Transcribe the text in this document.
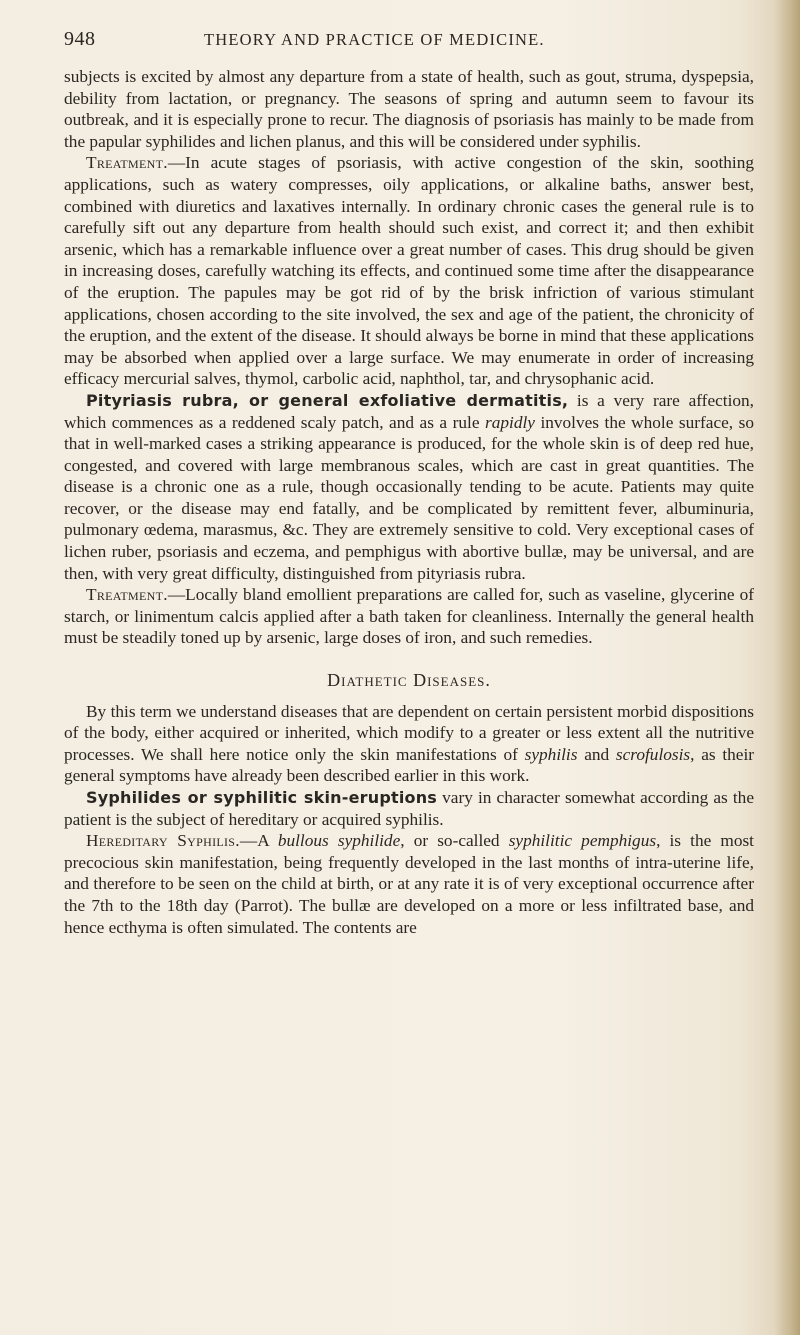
948	THEORY AND PRACTICE OF MEDICINE.

subjects is excited by almost any departure from a state of health, such as gout, struma, dyspepsia, debility from lactation, or pregnancy. The seasons of spring and autumn seem to favour its outbreak, and it is especially prone to recur. The diagnosis of psoriasis has mainly to be made from the papular syphilides and lichen planus, and this will be considered under syphilis.

Treatment.—In acute stages of psoriasis, with active congestion of the skin, soothing applications, such as watery compresses, oily applications, or alkaline baths, answer best, combined with diuretics and laxatives internally. In ordinary chronic cases the general rule is to carefully sift out any departure from health should such exist, and correct it; and then exhibit arsenic, which has a remarkable influence over a great number of cases. This drug should be given in increasing doses, carefully watching its effects, and continued some time after the disappearance of the eruption. The papules may be got rid of by the brisk infriction of various stimulant applications, chosen according to the site involved, the sex and age of the patient, the chronicity of the eruption, and the extent of the disease. It should always be borne in mind that these applications may be absorbed when applied over a large surface. We may enumerate in order of increasing efficacy mercurial salves, thymol, carbolic acid, naphthol, tar, and chrysophanic acid.

Pityriasis rubra, or general exfoliative dermatitis, is a very rare affection, which commences as a reddened scaly patch, and as a rule rapidly involves the whole surface, so that in well-marked cases a striking appearance is produced, for the whole skin is of deep red hue, congested, and covered with large membranous scales, which are cast in great quantities. The disease is a chronic one as a rule, though occasionally tending to be acute. Patients may quite recover, or the disease may end fatally, and be complicated by remittent fever, albuminuria, pulmonary œdema, marasmus, &c. They are extremely sensitive to cold. Very exceptional cases of lichen ruber, psoriasis and eczema, and pemphigus with abortive bullæ, may be universal, and are then, with very great difficulty, distinguished from pityriasis rubra.

Treatment.—Locally bland emollient preparations are called for, such as vaseline, glycerine of starch, or linimentum calcis applied after a bath taken for cleanliness. Internally the general health must be steadily toned up by arsenic, large doses of iron, and such remedies.

Diathetic Diseases.

By this term we understand diseases that are dependent on certain persistent morbid dispositions of the body, either acquired or inherited, which modify to a greater or less extent all the nutritive processes. We shall here notice only the skin manifestations of syphilis and scrofulosis, as their general symptoms have already been described earlier in this work.

Syphilides or syphilitic skin-eruptions vary in character somewhat according as the patient is the subject of hereditary or acquired syphilis.

Hereditary Syphilis.—A bullous syphilide, or so-called syphilitic pemphigus, is the most precocious skin manifestation, being frequently developed in the last months of intra-uterine life, and therefore to be seen on the child at birth, or at any rate it is of very exceptional occurrence after the 7th to the 18th day (Parrot). The bullæ are developed on a more or less infiltrated base, and hence ecthyma is often simulated. The contents are
